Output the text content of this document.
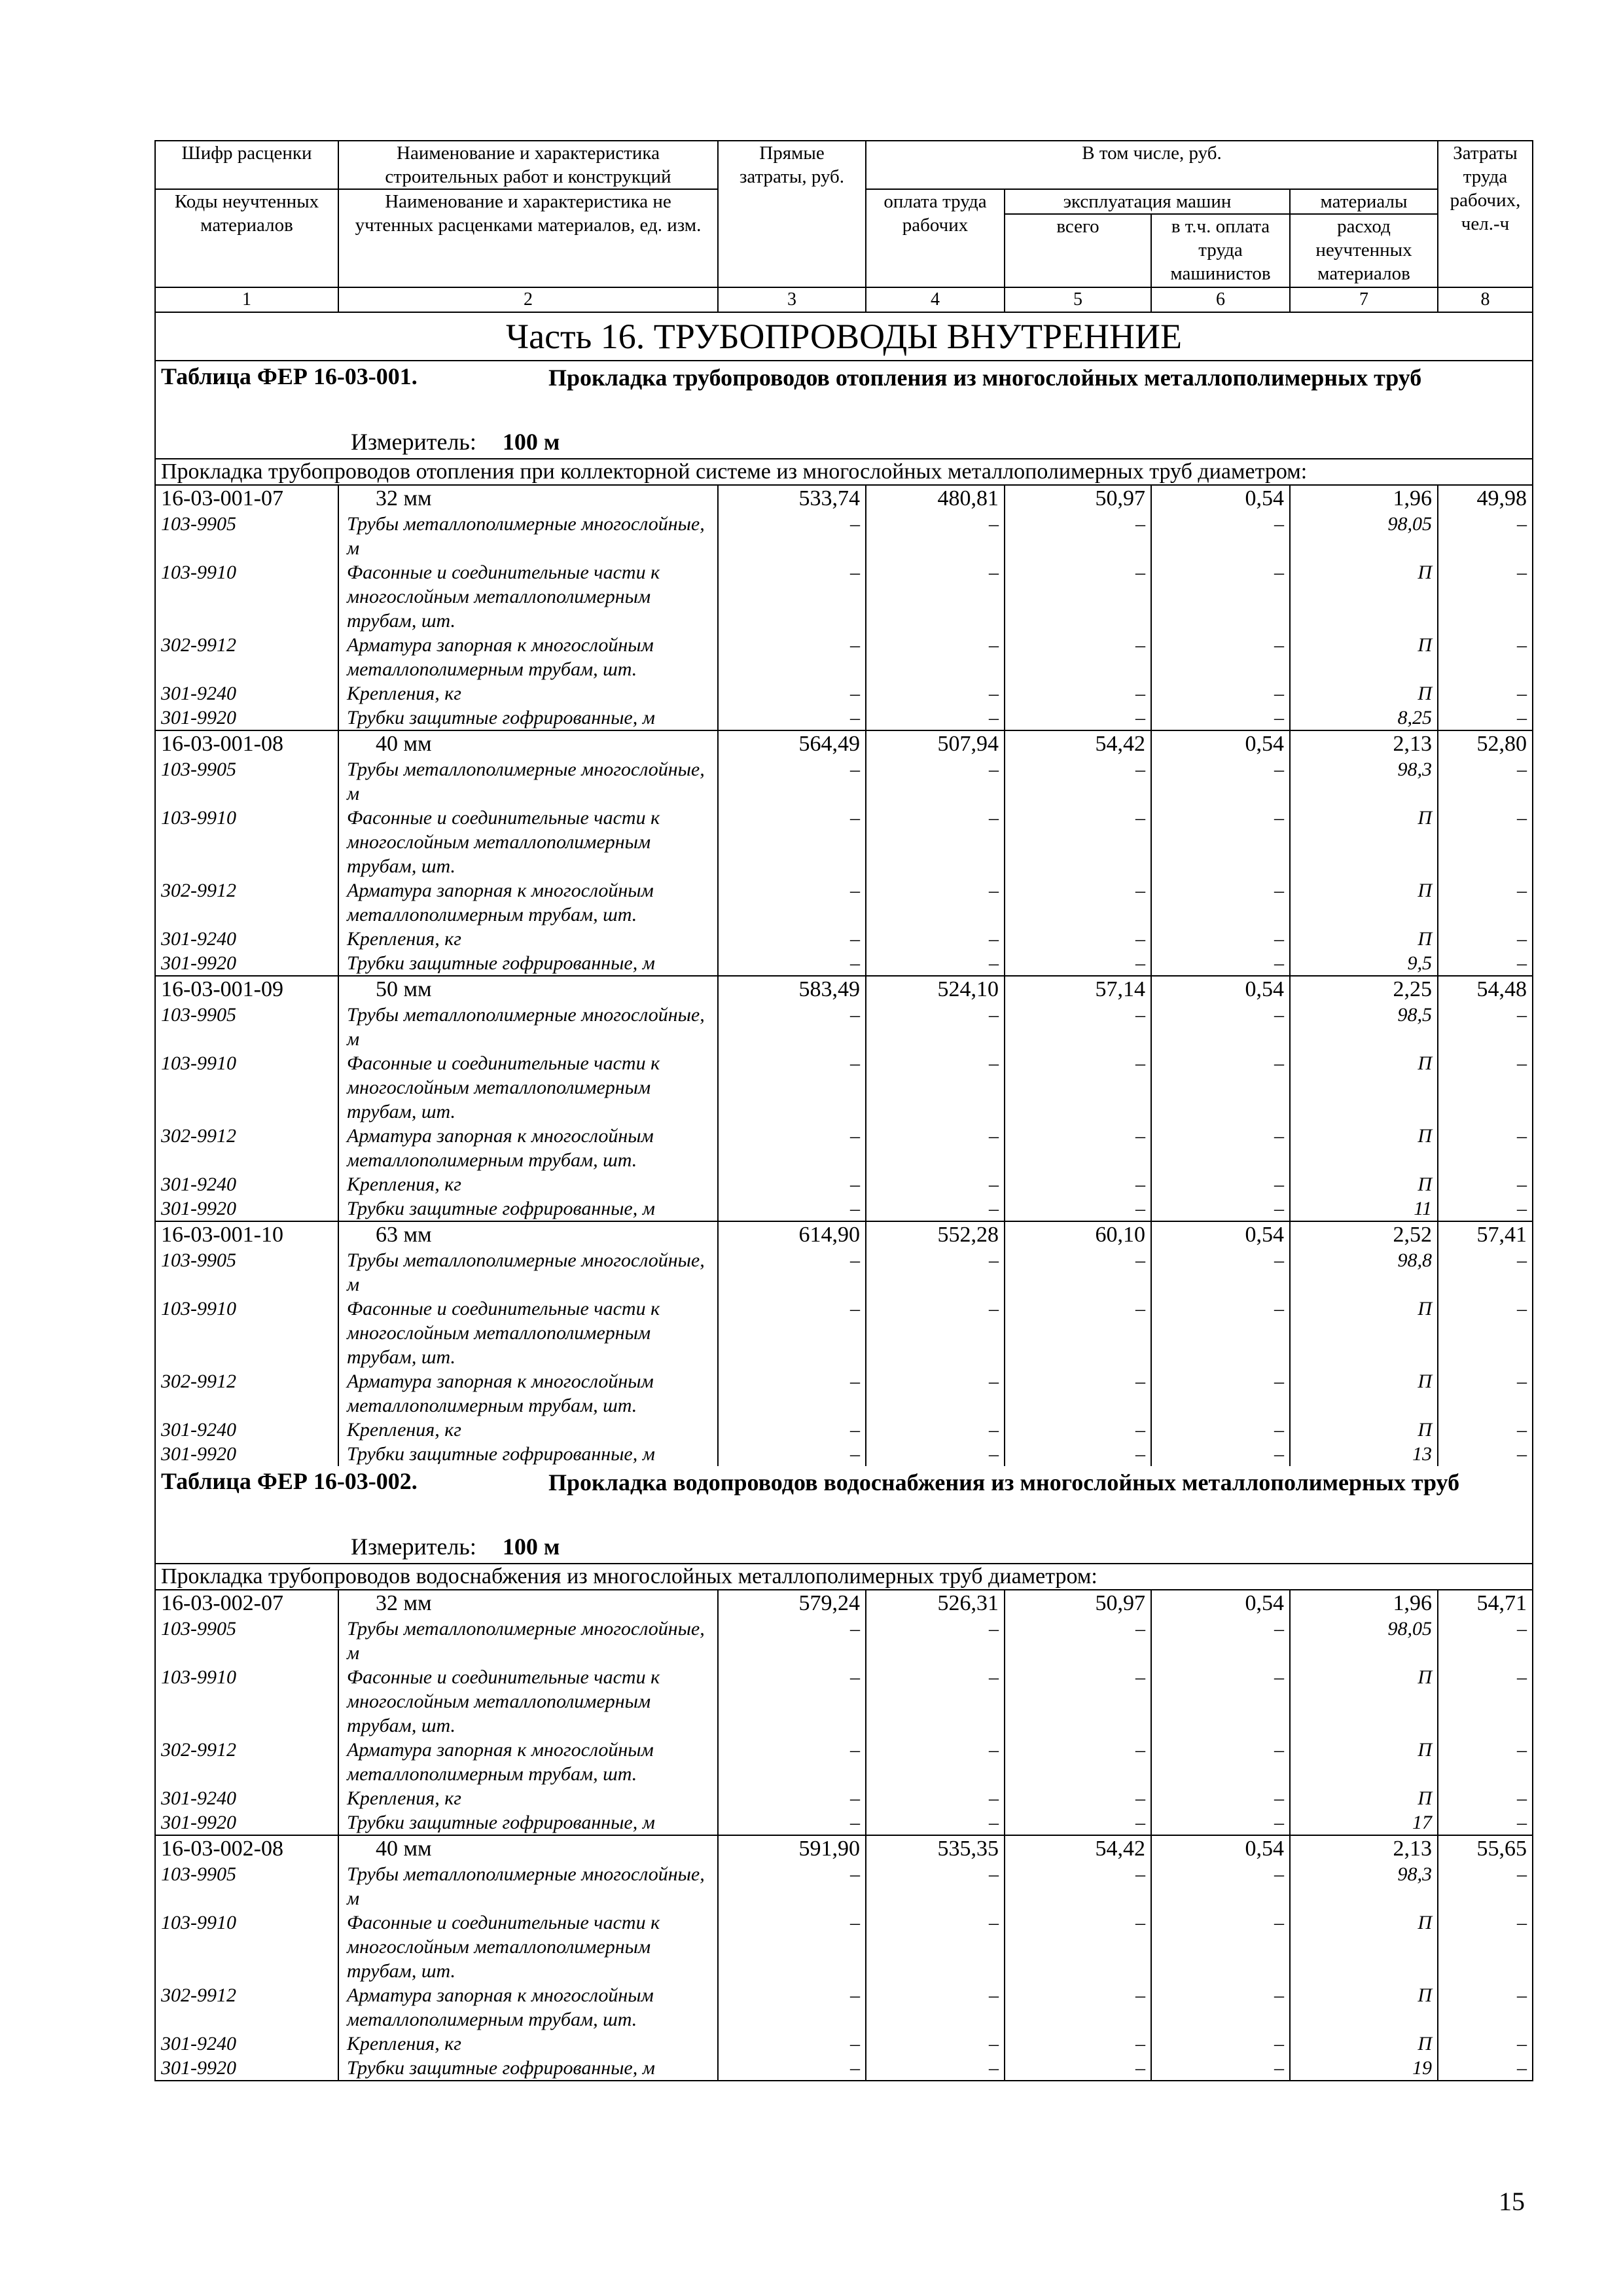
Шифр расценки	Наименование и характеристика строительных работ и конструкций	Прямые затраты, руб.	В том числе, руб.				Затраты труда рабочих, чел.-ч
Коды неучтенных материалов	Наименование и характеристика не учтенных расценками материалов, ед. изм.		оплата труда рабочих	эксплуатация машин		материалы	
				всего	в т.ч. оплата труда машинистов	расход неучтенных материалов	
1	2	3	4	5	6	7	8
Часть 16. ТРУБОПРОВОДЫ ВНУТРЕННИЕ							

Таблица ФЕР 16-03-001. Прокладка трубопроводов отопления из многослойных металлополимерных труб
Измеритель: 100 м							

Прокладка трубопроводов отопления при коллекторной системе из многослойных металлополимерных труб диаметром:							
16-03-001-07	32 мм	533,74	480,81	50,97	0,54	1,96	49,98
103-9905	Трубы металлополимерные многослойные, м	–	–	–	–	98,05	–
103-9910	Фасонные и соединительные части к многослойным металлополимерным трубам, шт.	–	–	–	–	П	–
302-9912	Арматура запорная к многослойным металлополимерным трубам, шт.	–	–	–	–	П	–
301-9240	Крепления, кг	–	–	–	–	П	–
301-9920	Трубки защитные гофрированные, м	–	–	–	–	8,25	–
16-03-001-08	40 мм	564,49	507,94	54,42	0,54	2,13	52,80
103-9905	Трубы металлополимерные многослойные, м	–	–	–	–	98,3	–
103-9910	Фасонные и соединительные части к многослойным металлополимерным трубам, шт.	–	–	–	–	П	–
302-9912	Арматура запорная к многослойным металлополимерным трубам, шт.	–	–	–	–	П	–
301-9240	Крепления, кг	–	–	–	–	П	–
301-9920	Трубки защитные гофрированные, м	–	–	–	–	9,5	–
16-03-001-09	50 мм	583,49	524,10	57,14	0,54	2,25	54,48
103-9905	Трубы металлополимерные многослойные, м	–	–	–	–	98,5	–
103-9910	Фасонные и соединительные части к многослойным металлополимерным трубам, шт.	–	–	–	–	П	–
302-9912	Арматура запорная к многослойным металлополимерным трубам, шт.	–	–	–	–	П	–
301-9240	Крепления, кг	–	–	–	–	П	–
301-9920	Трубки защитные гофрированные, м	–	–	–	–	11	–
16-03-001-10	63 мм	614,90	552,28	60,10	0,54	2,52	57,41
103-9905	Трубы металлополимерные многослойные, м	–	–	–	–	98,8	–
103-9910	Фасонные и соединительные части к многослойным металлополимерным трубам, шт.	–	–	–	–	П	–
302-9912	Арматура запорная к многослойным металлополимерным трубам, шт.	–	–	–	–	П	–
301-9240	Крепления, кг	–	–	–	–	П	–
301-9920	Трубки защитные гофрированные, м	–	–	–	–	13	–

Таблица ФЕР 16-03-002. Прокладка водопроводов водоснабжения из многослойных металлополимерных труб
Измеритель: 100 м							

Прокладка трубопроводов водоснабжения из многослойных металлополимерных труб диаметром:							
16-03-002-07	32 мм	579,24	526,31	50,97	0,54	1,96	54,71
103-9905	Трубы металлополимерные многослойные, м	–	–	–	–	98,05	–
103-9910	Фасонные и соединительные части к многослойным металлополимерным трубам, шт.	–	–	–	–	П	–
302-9912	Арматура запорная к многослойным металлополимерным трубам, шт.	–	–	–	–	П	–
301-9240	Крепления, кг	–	–	–	–	П	–
301-9920	Трубки защитные гофрированные, м	–	–	–	–	17	–
16-03-002-08	40 мм	591,90	535,35	54,42	0,54	2,13	55,65
103-9905	Трубы металлополимерные многослойные, м	–	–	–	–	98,3	–
103-9910	Фасонные и соединительные части к многослойным металлополимерным трубам, шт.	–	–	–	–	П	–
302-9912	Арматура запорная к многослойным металлополимерным трубам, шт.	–	–	–	–	П	–
301-9240	Крепления, кг	–	–	–	–	П	–
301-9920	Трубки защитные гофрированные, м	–	–	–	–	19	–
15
